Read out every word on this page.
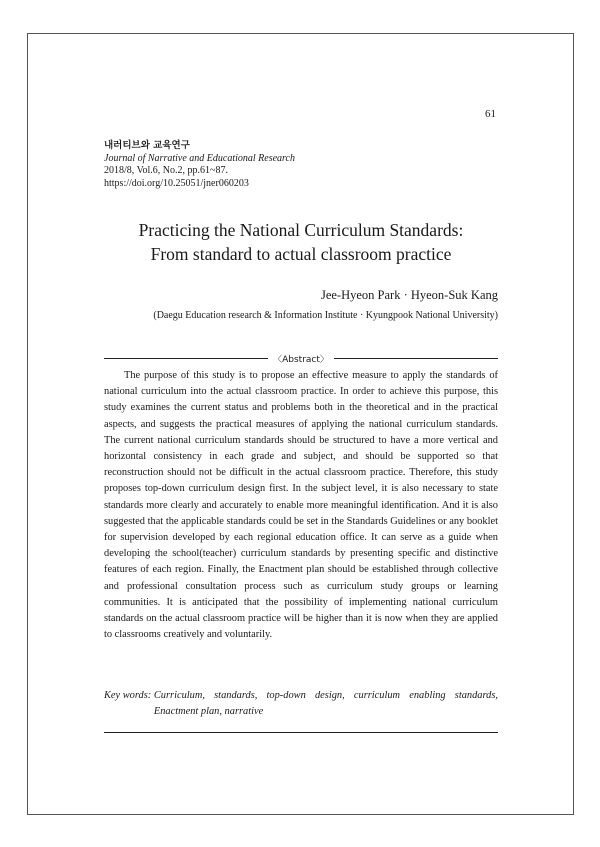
61
내러티브와 교육연구
Journal of Narrative and Educational Research
2018/8, Vol.6, No.2, pp.61~87.
https://doi.org/10.25051/jner060203
Practicing the National Curriculum Standards:
From standard to actual classroom practice
Jee-Hyeon Park · Hyeon-Suk Kang
(Daegu Education research & Information Institute · Kyungpook National University)
〈Abstract〉

The purpose of this study is to propose an effective measure to apply the standards of national curriculum into the actual classroom practice. In order to achieve this purpose, this study examines the current status and problems both in the theoretical and in the practical aspects, and suggests the practical measures of applying the national curriculum standards. The current national curriculum standards should be structured to have a more vertical and horizontal consistency in each grade and subject, and should be supported so that reconstruction should not be difficult in the actual classroom practice. Therefore, this study proposes top-down curriculum design first. In the subject level, it is also necessary to state standards more clearly and accurately to enable more meaningful identification. And it is also suggested that the applicable standards could be set in the Standards Guidelines or any booklet for supervision developed by each regional education office. It can serve as a guide when developing the school(teacher) curriculum standards by presenting specific and distinctive features of each region. Finally, the Enactment plan should be established through collective and professional consultation process such as curriculum study groups or learning communities. It is anticipated that the possibility of implementing national curriculum standards on the actual classroom practice will be higher than it is now when they are applied to classrooms creatively and voluntarily.

Key words: Curriculum, standards, top-down design, curriculum enabling standards, Enactment plan, narrative
